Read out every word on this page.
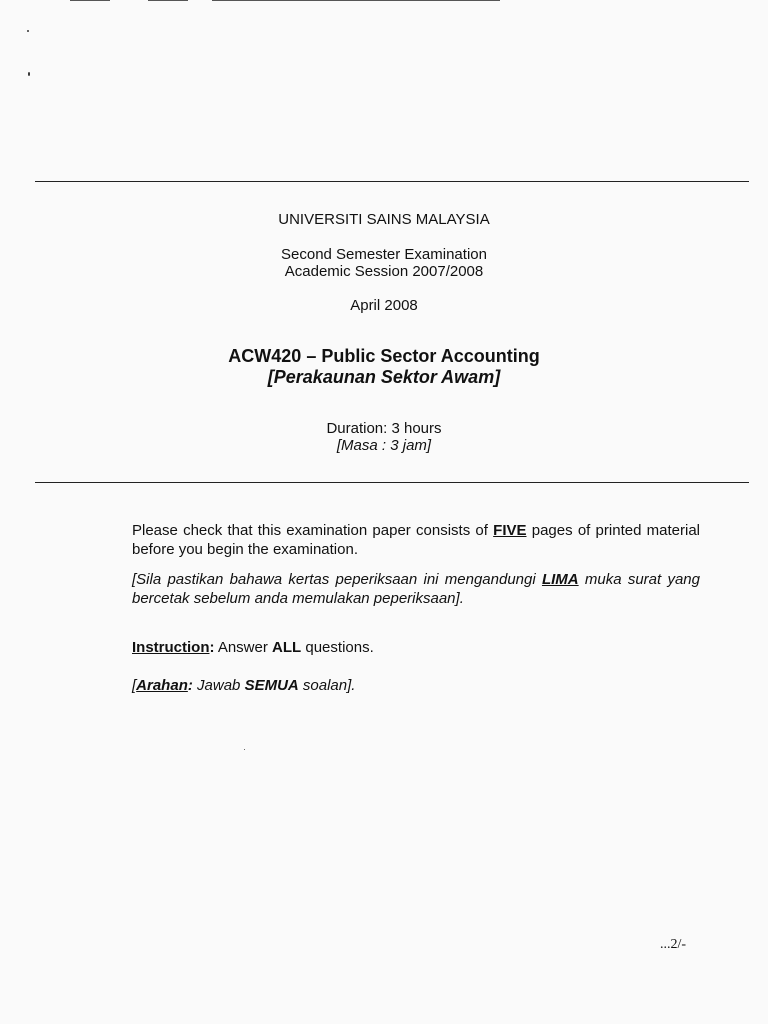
UNIVERSITI SAINS MALAYSIA
Second Semester Examination
Academic Session 2007/2008
April 2008
ACW420 – Public Sector Accounting
[Perakaunan Sektor Awam]
Duration: 3 hours
[Masa : 3 jam]
Please check that this examination paper consists of FIVE pages of printed material before you begin the examination.
[Sila pastikan bahawa kertas peperiksaan ini mengandungi LIMA muka surat yang bercetak sebelum anda memulakan peperiksaan].
Instruction: Answer ALL questions.
[Arahan: Jawab SEMUA soalan].
...2/-
